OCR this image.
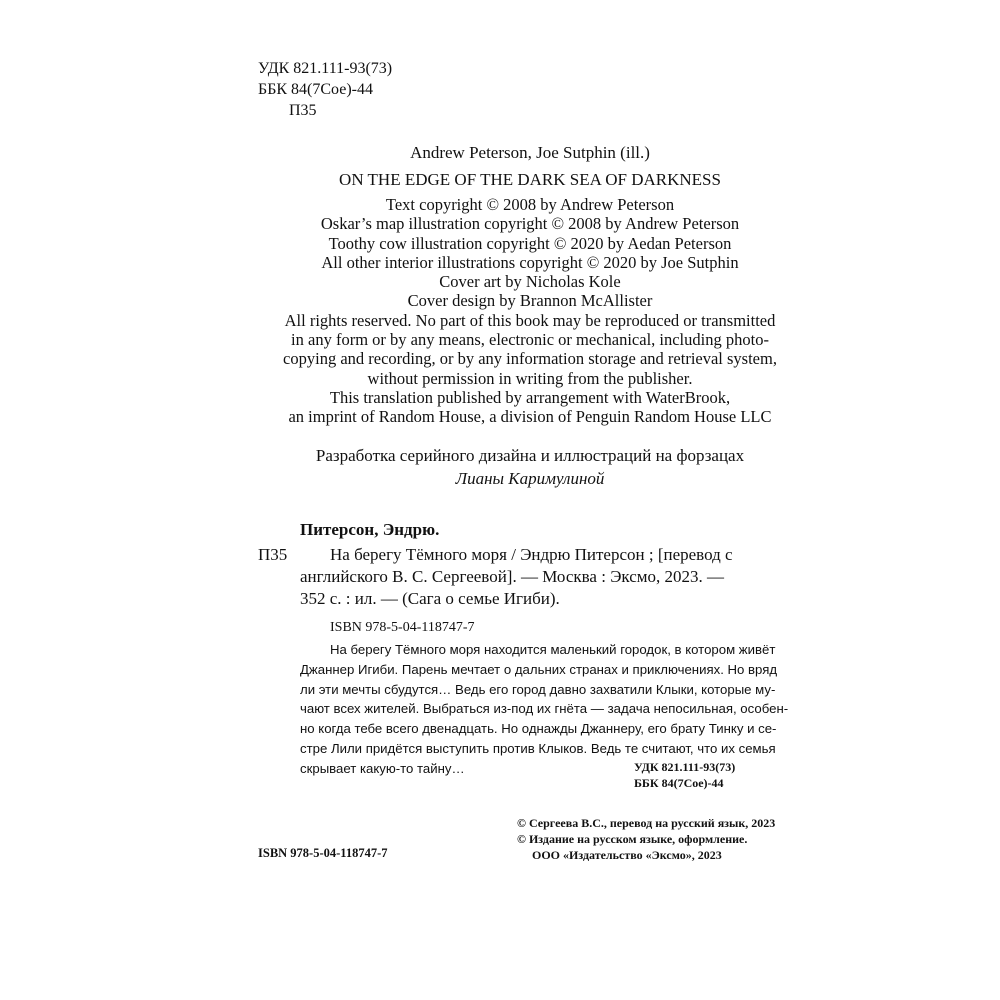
УДК 821.111-93(73)
ББК 84(7Сое)-44
П35
Andrew Peterson, Joe Sutphin (ill.)
ON THE EDGE OF THE DARK SEA OF DARKNESS
Text copyright © 2008 by Andrew Peterson
Oskar’s map illustration copyright © 2008 by Andrew Peterson
Toothy cow illustration copyright © 2020 by Aedan Peterson
All other interior illustrations copyright © 2020 by Joe Sutphin
Cover art by Nicholas Kole
Cover design by Brannon McAllister
All rights reserved. No part of this book may be reproduced or transmitted
in any form or by any means, electronic or mechanical, including photo-
copying and recording, or by any information storage and retrieval system,
without permission in writing from the publisher.
This translation published by arrangement with WaterBrook,
an imprint of Random House, a division of Penguin Random House LLC
Разработка серийного дизайна и иллюстраций на форзацах
Лианы Каримулиной
Питерсон, Эндрю.
П35	На берегу Тёмного моря / Эндрю Питерсон ; [перевод с
английского В. С. Сергеевой]. — Москва : Эксмо, 2023. —
352 с. : ил. — (Сага о семье Игиби).
ISBN 978-5-04-118747-7
На берегу Тёмного моря находится маленький городок, в котором живёт
Джаннер Игиби. Парень мечтает о дальних странах и приключениях. Но вряд
ли эти мечты сбудутся… Ведь его город давно захватили Клыки, которые му-
чают всех жителей. Выбраться из-под их гнёта — задача непосильная, особен-
но когда тебе всего двенадцать. Но однажды Джаннеру, его брату Тинку и се-
стре Лили придётся выступить против Клыков. Ведь те считают, что их семья
скрывает какую-то тайну…	УДК 821.111-93(73)
ББК 84(7Сое)-44
© Сергеева В.С., перевод на русский язык, 2023
© Издание на русском языке, оформление.
ООО «Издательство «Эксмо», 2023
ISBN 978-5-04-118747-7
